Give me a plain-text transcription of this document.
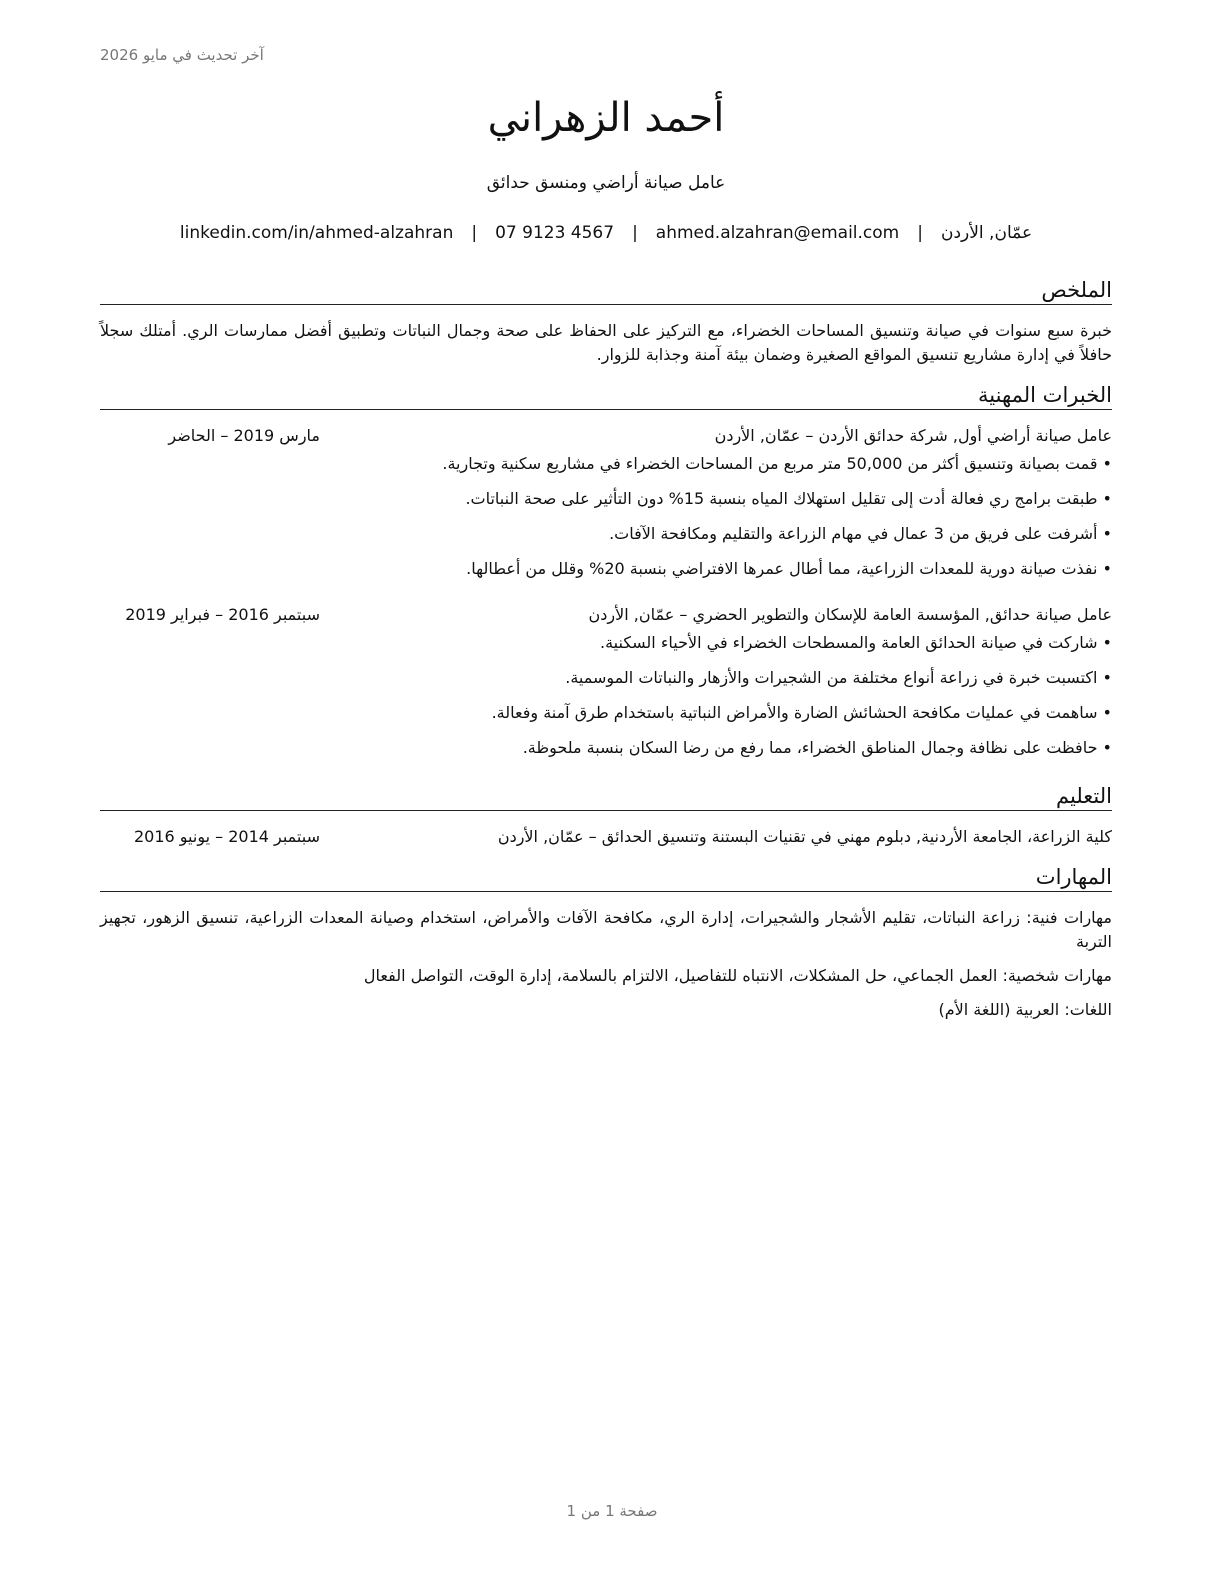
آخر تحديث في مايو 2026
أحمد الزهراني
عامل صيانة أراضي ومنسق حدائق
عمّان, الأردن
|
ahmed.alzahran@email.com
|
07 9123 4567
|
linkedin.com/in/ahmed-alzahran
الملخص

خبرة سبع سنوات في صيانة وتنسيق المساحات الخضراء، مع التركيز على الحفاظ على صحة وجمال النباتات وتطبيق أفضل ممارسات الري. أمتلك سجلاً حافلاً في إدارة مشاريع تنسيق المواقع الصغيرة وضمان بيئة آمنة وجذابة للزوار.

الخبرات المهنية
عامل صيانة أراضي أول, شركة حدائق الأردن – عمّان, الأردن
مارس 2019 – الحاضر
• قمت بصيانة وتنسيق أكثر من 50,000 متر مربع من المساحات الخضراء في مشاريع سكنية وتجارية.
• طبقت برامج ري فعالة أدت إلى تقليل استهلاك المياه بنسبة 15% دون التأثير على صحة النباتات.
• أشرفت على فريق من 3 عمال في مهام الزراعة والتقليم ومكافحة الآفات.
• نفذت صيانة دورية للمعدات الزراعية، مما أطال عمرها الافتراضي بنسبة 20% وقلل من أعطالها.
عامل صيانة حدائق, المؤسسة العامة للإسكان والتطوير الحضري – عمّان, الأردن
سبتمبر 2016 – فبراير 2019
• شاركت في صيانة الحدائق العامة والمسطحات الخضراء في الأحياء السكنية.
• اكتسبت خبرة في زراعة أنواع مختلفة من الشجيرات والأزهار والنباتات الموسمية.
• ساهمت في عمليات مكافحة الحشائش الضارة والأمراض النباتية باستخدام طرق آمنة وفعالة.
• حافظت على نظافة وجمال المناطق الخضراء، مما رفع من رضا السكان بنسبة ملحوظة.
التعليم
كلية الزراعة، الجامعة الأردنية, دبلوم مهني في تقنيات البستنة وتنسيق الحدائق – عمّان, الأردن
سبتمبر 2014 – يونيو 2016
المهارات

مهارات فنية: زراعة النباتات، تقليم الأشجار والشجيرات، إدارة الري، مكافحة الآفات والأمراض، استخدام وصيانة المعدات الزراعية، تنسيق الزهور، تجهيز التربة

مهارات شخصية: العمل الجماعي، حل المشكلات، الانتباه للتفاصيل، الالتزام بالسلامة، إدارة الوقت، التواصل الفعال

اللغات: العربية (اللغة الأم)

صفحة 1 من 1
